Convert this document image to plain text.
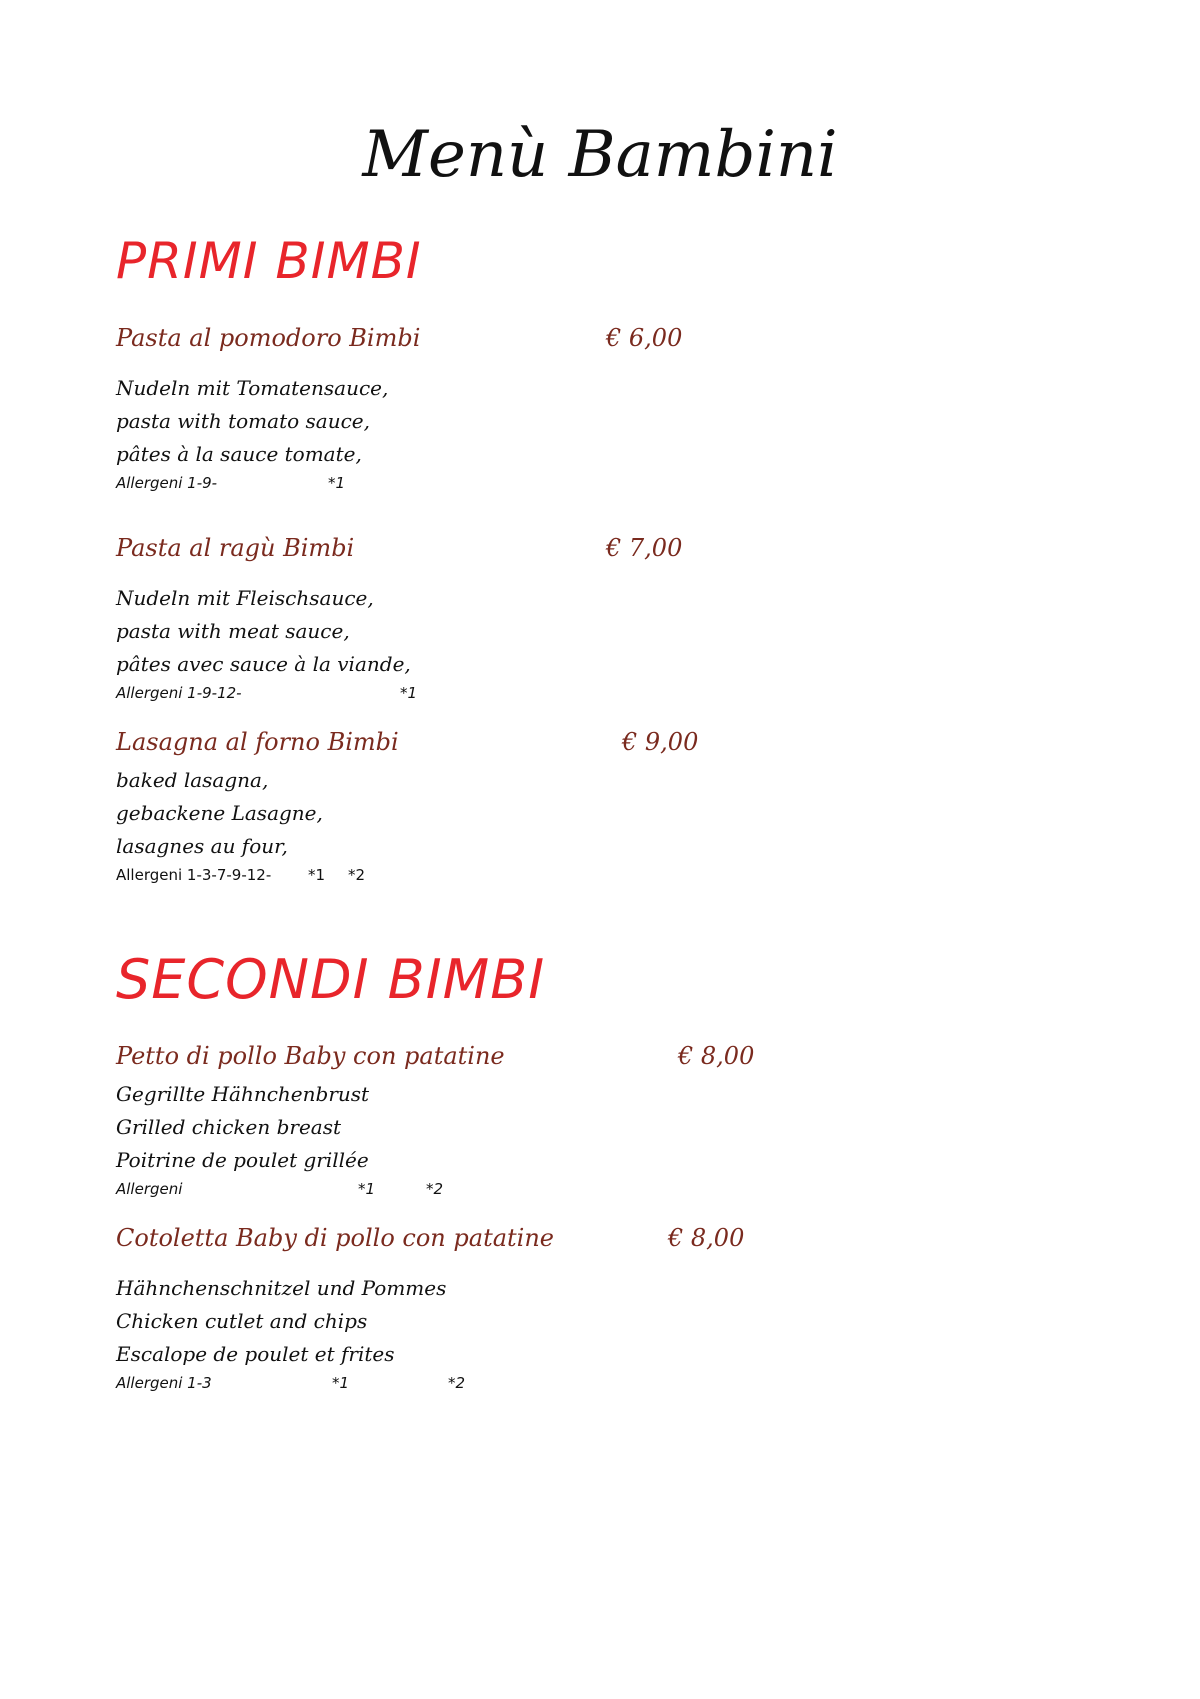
Menù Bambini
PRIMI BIMBI
Pasta al pomodoro Bimbi	€ 6,00
Nudeln mit Tomatensauce,
pasta with tomato sauce,
pâtes à la sauce tomate,
Allergeni 1-9-	*1
Pasta al ragù Bimbi	€ 7,00
Nudeln mit Fleischsauce,
pasta with meat sauce,
pâtes avec sauce à la viande,
Allergeni 1-9-12-	*1
Lasagna al forno Bimbi	€ 9,00
baked lasagna,
gebackene Lasagne,
lasagnes au four,
Allergeni 1-3-7-9-12- *1 *2
SECONDI BIMBI
Petto di pollo Baby con patatine	€ 8,00
Gegrillte Hähnchenbrust
Grilled chicken breast
Poitrine de poulet grillée
Allergeni	*1	*2
Cotoletta Baby di pollo con patatine	€ 8,00
Hähnchenschnitzel und Pommes
Chicken cutlet and chips
Escalope de poulet et frites
Allergeni 1-3	*1	*2
